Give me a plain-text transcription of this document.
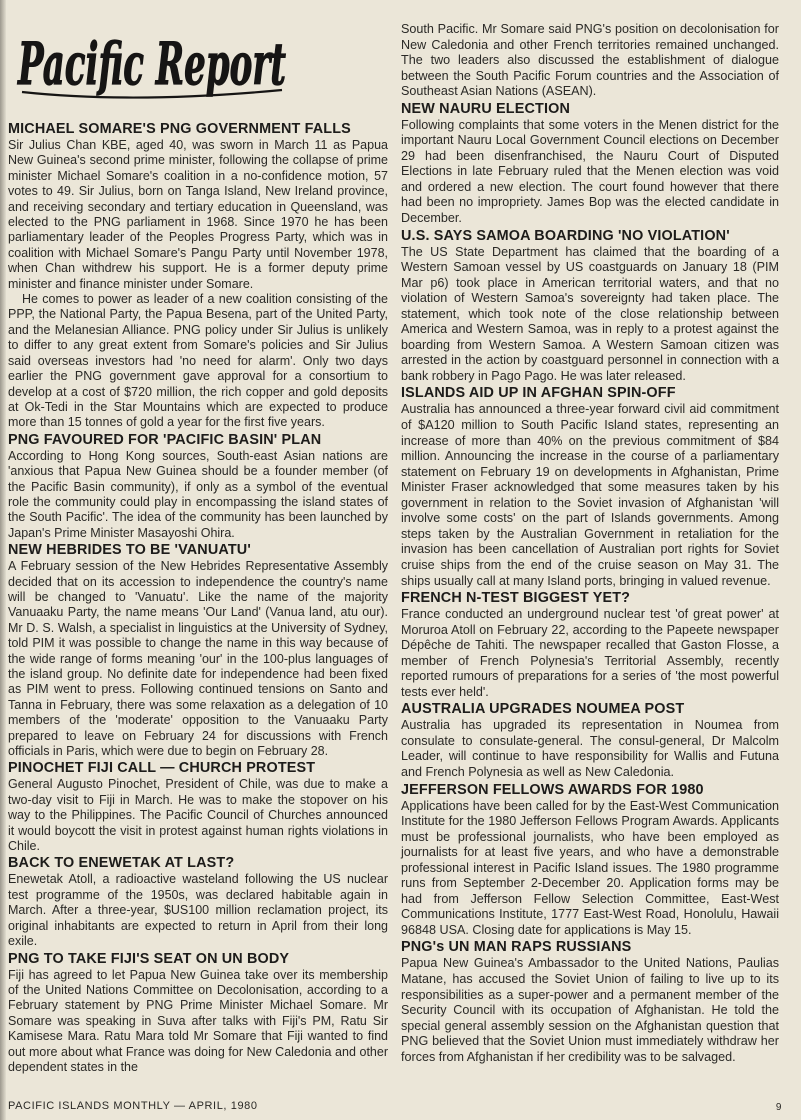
Pacific Report
MICHAEL SOMARE'S PNG GOVERNMENT FALLS

Sir Julius Chan KBE, aged 40, was sworn in March 11 as Papua New Guinea's second prime minister, following the collapse of prime minister Michael Somare's coalition in a no-confidence motion, 57 votes to 49. Sir Julius, born on Tanga Island, New Ireland province, and receiving secondary and tertiary education in Queensland, was elected to the PNG parliament in 1968. Since 1970 he has been parliamentary leader of the Peoples Progress Party, which was in coalition with Michael Somare's Pangu Party until November 1978, when Chan withdrew his support. He is a former deputy prime minister and finance minister under Somare.

He comes to power as leader of a new coalition consisting of the PPP, the National Party, the Papua Besena, part of the United Party, and the Melanesian Alliance. PNG policy under Sir Julius is unlikely to differ to any great extent from Somare's policies and Sir Julius said overseas investors had 'no need for alarm'. Only two days earlier the PNG government gave approval for a consortium to develop at a cost of $720 million, the rich copper and gold deposits at Ok-Tedi in the Star Mountains which are expected to produce more than 15 tonnes of gold a year for the first five years.

PNG FAVOURED FOR 'PACIFIC BASIN' PLAN

According to Hong Kong sources, South-east Asian nations are 'anxious that Papua New Guinea should be a founder member (of the Pacific Basin community), if only as a symbol of the eventual role the community could play in encompassing the island states of the South Pacific'. The idea of the community has been launched by Japan's Prime Minister Masayoshi Ohira.

NEW HEBRIDES TO BE 'VANUATU'

A February session of the New Hebrides Representative Assembly decided that on its accession to independence the country's name will be changed to 'Vanuatu'. Like the name of the majority Vanuaaku Party, the name means 'Our Land' (Vanua land, atu our). Mr D. S. Walsh, a specialist in linguistics at the University of Sydney, told PIM it was possible to change the name in this way because of the wide range of forms meaning 'our' in the 100-plus languages of the island group. No definite date for independence had been fixed as PIM went to press. Following continued tensions on Santo and Tanna in February, there was some relaxation as a delegation of 10 members of the 'moderate' opposition to the Vanuaaku Party prepared to leave on February 24 for discussions with French officials in Paris, which were due to begin on February 28.

PINOCHET FIJI CALL — CHURCH PROTEST

General Augusto Pinochet, President of Chile, was due to make a two-day visit to Fiji in March. He was to make the stopover on his way to the Philippines. The Pacific Council of Churches announced it would boycott the visit in protest against human rights violations in Chile.

BACK TO ENEWETAK AT LAST?

Enewetak Atoll, a radioactive wasteland following the US nuclear test programme of the 1950s, was declared habitable again in March. After a three-year, $US100 million reclamation project, its original inhabitants are expected to return in April from their long exile.

PNG TO TAKE FIJI'S SEAT ON UN BODY

Fiji has agreed to let Papua New Guinea take over its membership of the United Nations Committee on Decolonisation, according to a February statement by PNG Prime Minister Michael Somare. Mr Somare was speaking in Suva after talks with Fiji's PM, Ratu Sir Kamisese Mara. Ratu Mara told Mr Somare that Fiji wanted to find out more about what France was doing for New Caledonia and other dependent states in the

South Pacific. Mr Somare said PNG's position on decolonisation for New Caledonia and other French territories remained unchanged. The two leaders also discussed the establishment of dialogue between the South Pacific Forum countries and the Association of Southeast Asian Nations (ASEAN).

NEW NAURU ELECTION

Following complaints that some voters in the Menen district for the important Nauru Local Government Council elections on December 29 had been disenfranchised, the Nauru Court of Disputed Elections in late February ruled that the Menen election was void and ordered a new election. The court found however that there had been no impropriety. James Bop was the elected candidate in December.

U.S. SAYS SAMOA BOARDING 'NO VIOLATION'

The US State Department has claimed that the boarding of a Western Samoan vessel by US coastguards on January 18 (PIM Mar p6) took place in American territorial waters, and that no violation of Western Samoa's sovereignty had taken place. The statement, which took note of the close relationship between America and Western Samoa, was in reply to a protest against the boarding from Western Samoa. A Western Samoan citizen was arrested in the action by coastguard personnel in connection with a bank robbery in Pago Pago. He was later released.

ISLANDS AID UP IN AFGHAN SPIN-OFF

Australia has announced a three-year forward civil aid commitment of $A120 million to South Pacific Island states, representing an increase of more than 40% on the previous commitment of $84 million. Announcing the increase in the course of a parliamentary statement on February 19 on developments in Afghanistan, Prime Minister Fraser acknowledged that some measures taken by his government in relation to the Soviet invasion of Afghanistan 'will involve some costs' on the part of Islands governments. Among steps taken by the Australian Government in retaliation for the invasion has been cancellation of Australian port rights for Soviet cruise ships from the end of the cruise season on May 31. The ships usually call at many Island ports, bringing in valued revenue.

FRENCH N-TEST BIGGEST YET?

France conducted an underground nuclear test 'of great power' at Moruroa Atoll on February 22, according to the Papeete newspaper Dépêche de Tahiti. The newspaper recalled that Gaston Flosse, a member of French Polynesia's Territorial Assembly, recently reported rumours of preparations for a series of 'the most powerful tests ever held'.

AUSTRALIA UPGRADES NOUMEA POST

Australia has upgraded its representation in Noumea from consulate to consulate-general. The consul-general, Dr Malcolm Leader, will continue to have responsibility for Wallis and Futuna and French Polynesia as well as New Caledonia.

JEFFERSON FELLOWS AWARDS FOR 1980

Applications have been called for by the East-West Communication Institute for the 1980 Jefferson Fellows Program Awards. Applicants must be professional journalists, who have been employed as journalists for at least five years, and who have a demonstrable professional interest in Pacific Island issues. The 1980 programme runs from September 2-December 20. Application forms may be had from Jefferson Fellow Selection Committee, East-West Communications Institute, 1777 East-West Road, Honolulu, Hawaii 96848 USA. Closing date for applications is May 15.

PNG's UN MAN RAPS RUSSIANS

Papua New Guinea's Ambassador to the United Nations, Paulias Matane, has accused the Soviet Union of failing to live up to its responsibilities as a super-power and a permanent member of the Security Council with its occupation of Afghanistan. He told the special general assembly session on the Afghanistan question that PNG believed that the Soviet Union must immediately withdraw her forces from Afghanistan if her credibility was to be salvaged.

PACIFIC ISLANDS MONTHLY — APRIL, 1980	9
